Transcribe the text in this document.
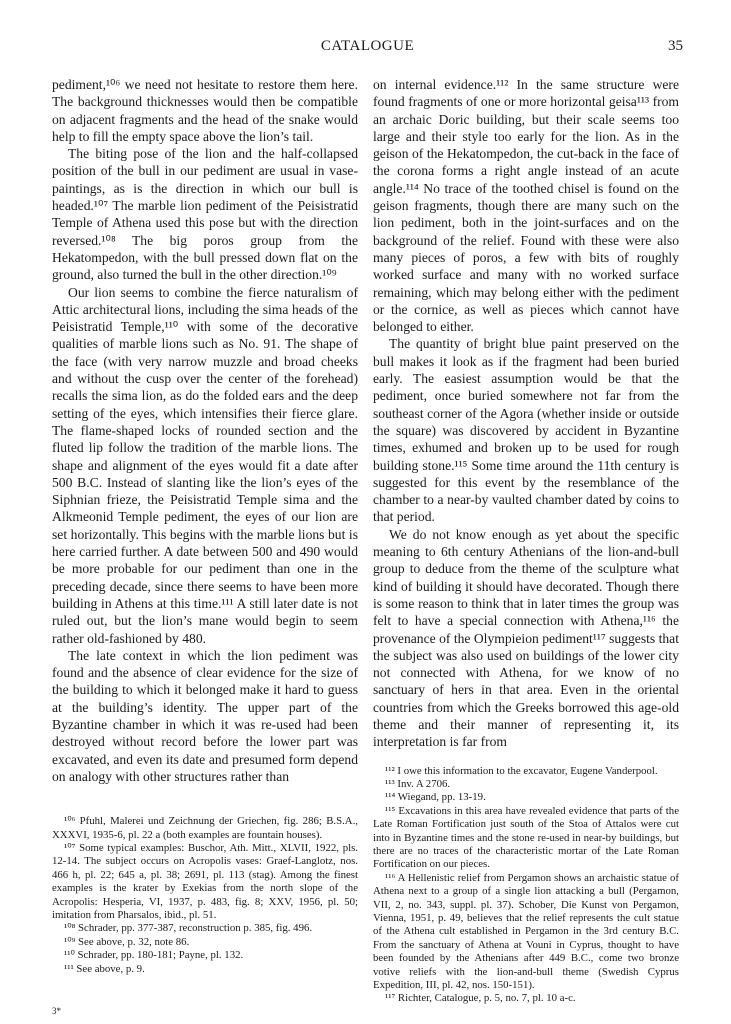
CATALOGUE	35

pediment,¹⁰⁶ we need not hesitate to restore them here. The background thicknesses would then be compatible on adjacent fragments and the head of the snake would help to fill the empty space above the lion’s tail.

The biting pose of the lion and the half-collapsed position of the bull in our pediment are usual in vase-paintings, as is the direction in which our bull is headed.¹⁰⁷ The marble lion pediment of the Peisistratid Temple of Athena used this pose but with the direction reversed.¹⁰⁸ The big poros group from the Hekatompedon, with the bull pressed down flat on the ground, also turned the bull in the other direction.¹⁰⁹

Our lion seems to combine the fierce naturalism of Attic architectural lions, including the sima heads of the Peisistratid Temple,¹¹⁰ with some of the decorative qualities of marble lions such as No. 91. The shape of the face (with very narrow muzzle and broad cheeks and without the cusp over the center of the forehead) recalls the sima lion, as do the folded ears and the deep setting of the eyes, which intensifies their fierce glare. The flame-shaped locks of rounded section and the fluted lip follow the tradition of the marble lions. The shape and alignment of the eyes would fit a date after 500 B.C. Instead of slanting like the lion’s eyes of the Siphnian frieze, the Peisistratid Temple sima and the Alkmeonid Temple pediment, the eyes of our lion are set horizontally. This begins with the marble lions but is here carried further. A date between 500 and 490 would be more probable for our pediment than one in the preceding decade, since there seems to have been more building in Athens at this time.¹¹¹ A still later date is not ruled out, but the lion’s mane would begin to seem rather old-fashioned by 480.

The late context in which the lion pediment was found and the absence of clear evidence for the size of the building to which it belonged make it hard to guess at the building’s identity. The upper part of the Byzantine chamber in which it was re-used had been destroyed without record before the lower part was excavated, and even its date and presumed form depend on analogy with other structures rather than

¹⁰⁶ Pfuhl, Malerei und Zeichnung der Griechen, fig. 286; B.S.A., XXXVI, 1935-6, pl. 22 a (both examples are fountain houses).

¹⁰⁷ Some typical examples: Buschor, Ath. Mitt., XLVII, 1922, pls. 12-14. The subject occurs on Acropolis vases: Graef-Langlotz, nos. 466 h, pl. 22; 645 a, pl. 38; 2691, pl. 113 (stag). Among the finest examples is the krater by Exekias from the north slope of the Acropolis: Hesperia, VI, 1937, p. 483, fig. 8; XXV, 1956, pl. 50; imitation from Pharsalos, ibid., pl. 51.

¹⁰⁸ Schrader, pp. 377-387, reconstruction p. 385, fig. 496.

¹⁰⁹ See above, p. 32, note 86.

¹¹⁰ Schrader, pp. 180-181; Payne, pl. 132.

¹¹¹ See above, p. 9.

on internal evidence.¹¹² In the same structure were found fragments of one or more horizontal geisa¹¹³ from an archaic Doric building, but their scale seems too large and their style too early for the lion. As in the geison of the Hekatompedon, the cut-back in the face of the corona forms a right angle instead of an acute angle.¹¹⁴ No trace of the toothed chisel is found on the geison fragments, though there are many such on the lion pediment, both in the joint-surfaces and on the background of the relief. Found with these were also many pieces of poros, a few with bits of roughly worked surface and many with no worked surface remaining, which may belong either with the pediment or the cornice, as well as pieces which cannot have belonged to either.

The quantity of bright blue paint preserved on the bull makes it look as if the fragment had been buried early. The easiest assumption would be that the pediment, once buried somewhere not far from the southeast corner of the Agora (whether inside or outside the square) was discovered by accident in Byzantine times, exhumed and broken up to be used for rough building stone.¹¹⁵ Some time around the 11th century is suggested for this event by the resemblance of the chamber to a near-by vaulted chamber dated by coins to that period.

We do not know enough as yet about the specific meaning to 6th century Athenians of the lion-and-bull group to deduce from the theme of the sculpture what kind of building it should have decorated. Though there is some reason to think that in later times the group was felt to have a special connection with Athena,¹¹⁶ the provenance of the Olympieion pediment¹¹⁷ suggests that the subject was also used on buildings of the lower city not connected with Athena, for we know of no sanctuary of hers in that area. Even in the oriental countries from which the Greeks borrowed this age-old theme and their manner of representing it, its interpretation is far from

¹¹² I owe this information to the excavator, Eugene Vanderpool.

¹¹³ Inv. A 2706.

¹¹⁴ Wiegand, pp. 13-19.

¹¹⁵ Excavations in this area have revealed evidence that parts of the Late Roman Fortification just south of the Stoa of Attalos were cut into in Byzantine times and the stone re-used in near-by buildings, but there are no traces of the characteristic mortar of the Late Roman Fortification on our pieces.

¹¹⁶ A Hellenistic relief from Pergamon shows an archaistic statue of Athena next to a group of a single lion attacking a bull (Pergamon, VII, 2, no. 343, suppl. pl. 37). Schober, Die Kunst von Pergamon, Vienna, 1951, p. 49, believes that the relief represents the cult statue of the Athena cult established in Pergamon in the 3rd century B.C. From the sanctuary of Athena at Vouni in Cyprus, thought to have been founded by the Athenians after 449 B.C., come two bronze votive reliefs with the lion-and-bull theme (Swedish Cyprus Expedition, III, pl. 42, nos. 150-151).

¹¹⁷ Richter, Catalogue, p. 5, no. 7, pl. 10 a-c.

3*
